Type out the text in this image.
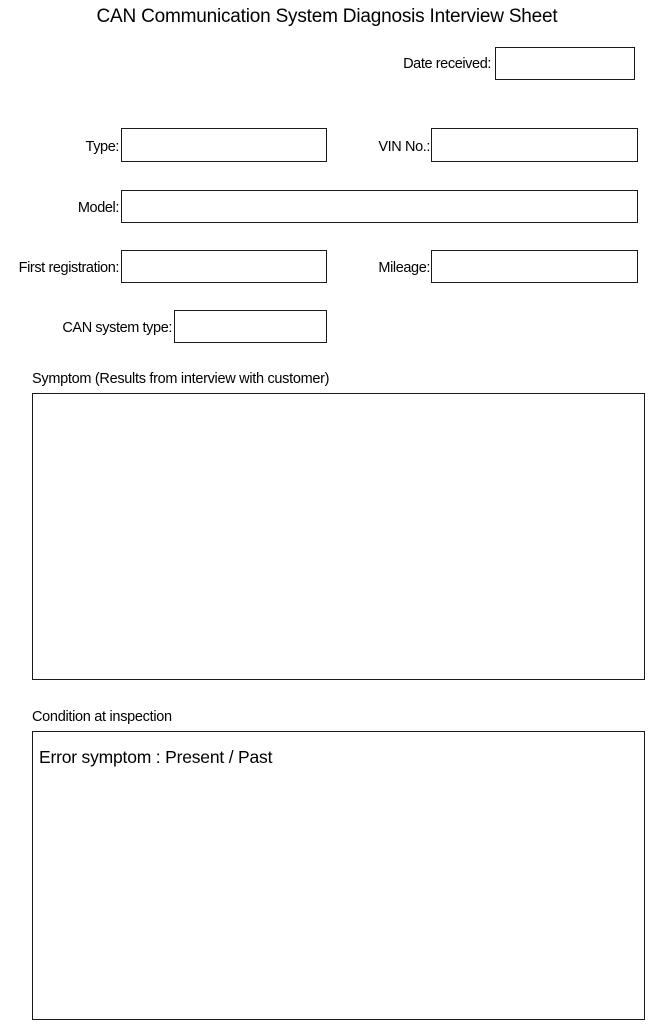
CAN Communication System Diagnosis Interview Sheet
Date received:
Type:	VIN No.:
Model:
First registration:	Mileage:
CAN system type:
Symptom (Results from interview with customer)
Condition at inspection
Error symptom : Present / Past
